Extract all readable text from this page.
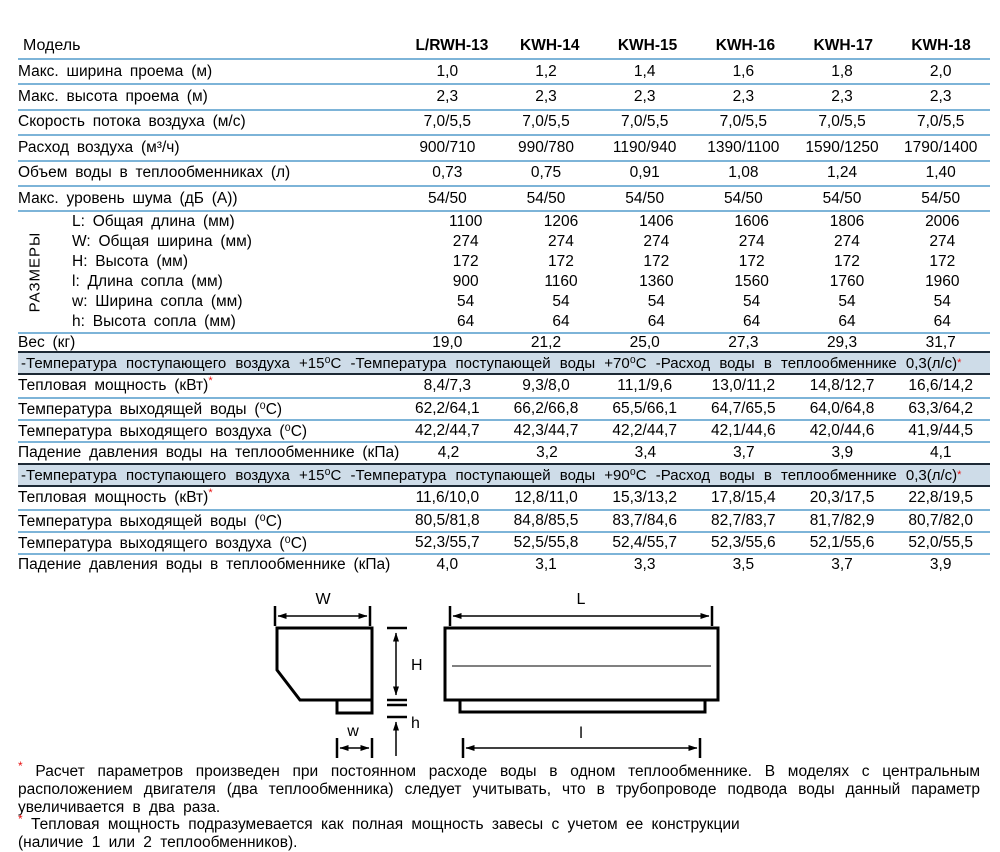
Модель	L/RWH-13	KWH-14	KWH-15	KWH-16	KWH-17	KWH-18
Макс. ширина проема (м)	1,0	1,2	1,4	1,6	1,8	2,0
Макс. высота проема (м)	2,3	2,3	2,3	2,3	2,3	2,3
Скорость потока воздуха (м/с)	7,0/5,5	7,0/5,5	7,0/5,5	7,0/5,5	7,0/5,5	7,0/5,5
Расход воздуха (м³/ч)	900/710	990/780	1190/940	1390/1100	1590/1250	1790/1400
Объем воды в теплообменниках (л)	0,73	0,75	0,91	1,08	1,24	1,40
Макс. уровень шума (дБ (А))	54/50	54/50	54/50	54/50	54/50	54/50
РАЗМЕРЫ
L: Общая длина (мм)	1100	1206	1406	1606	1806	2006
W: Общая ширина (мм)	274	274	274	274	274	274
H: Высота (мм)	172	172	172	172	172	172
l: Длина сопла (мм)	900	1160	1360	1560	1760	1960
w: Ширина сопла (мм)	54	54	54	54	54	54
h: Высота сопла (мм)	64	64	64	64	64	64
Вес (кг)	19,0	21,2	25,0	27,3	29,3	31,7
-Температура поступающего воздуха +15⁰С -Температура поступающей воды +70⁰С -Расход воды в теплообменнике 0,3(л/с) *
Тепловая мощность (кВт)*	8,4/7,3	9,3/8,0	11,1/9,6	13,0/11,2	14,8/12,7	16,6/14,2
Температура выходящей воды (⁰С)	62,2/64,1	66,2/66,8	65,5/66,1	64,7/65,5	64,0/64,8	63,3/64,2
Температура выходящего воздуха (⁰С)	42,2/44,7	42,3/44,7	42,2/44,7	42,1/44,6	42,0/44,6	41,9/44,5
Падение давления воды на теплообменнике (кПа)	4,2	3,2	3,4	3,7	3,9	4,1
-Температура поступающего воздуха +15⁰С -Температура поступающей воды +90⁰С -Расход воды в теплообменнике 0,3(л/с) *
Тепловая мощность (кВт)*	11,6/10,0	12,8/11,0	15,3/13,2	17,8/15,4	20,3/17,5	22,8/19,5
Температура выходящей воды (⁰С)	80,5/81,8	84,8/85,5	83,7/84,6	82,7/83,7	81,7/82,9	80,7/82,0
Температура выходящего воздуха (⁰С)	52,3/55,7	52,5/55,8	52,4/55,7	52,3/55,6	52,1/55,6	52,0/55,5
Падение давления воды в теплообменнике (кПа)	4,0	3,1	3,3	3,5	3,7	3,9
W
H
h
w
L
l

* Расчет параметров произведен при постоянном расходе воды в одном теплообменнике. В моделях с центральным

расположением двигателя (два теплообменника) следует учитывать, что в трубопроводе подвода воды данный параметр

увеличивается в два раза.

* Тепловая мощность подразумевается как полная мощность завесы с учетом ее конструкции

(наличие 1 или 2 теплообменников).
